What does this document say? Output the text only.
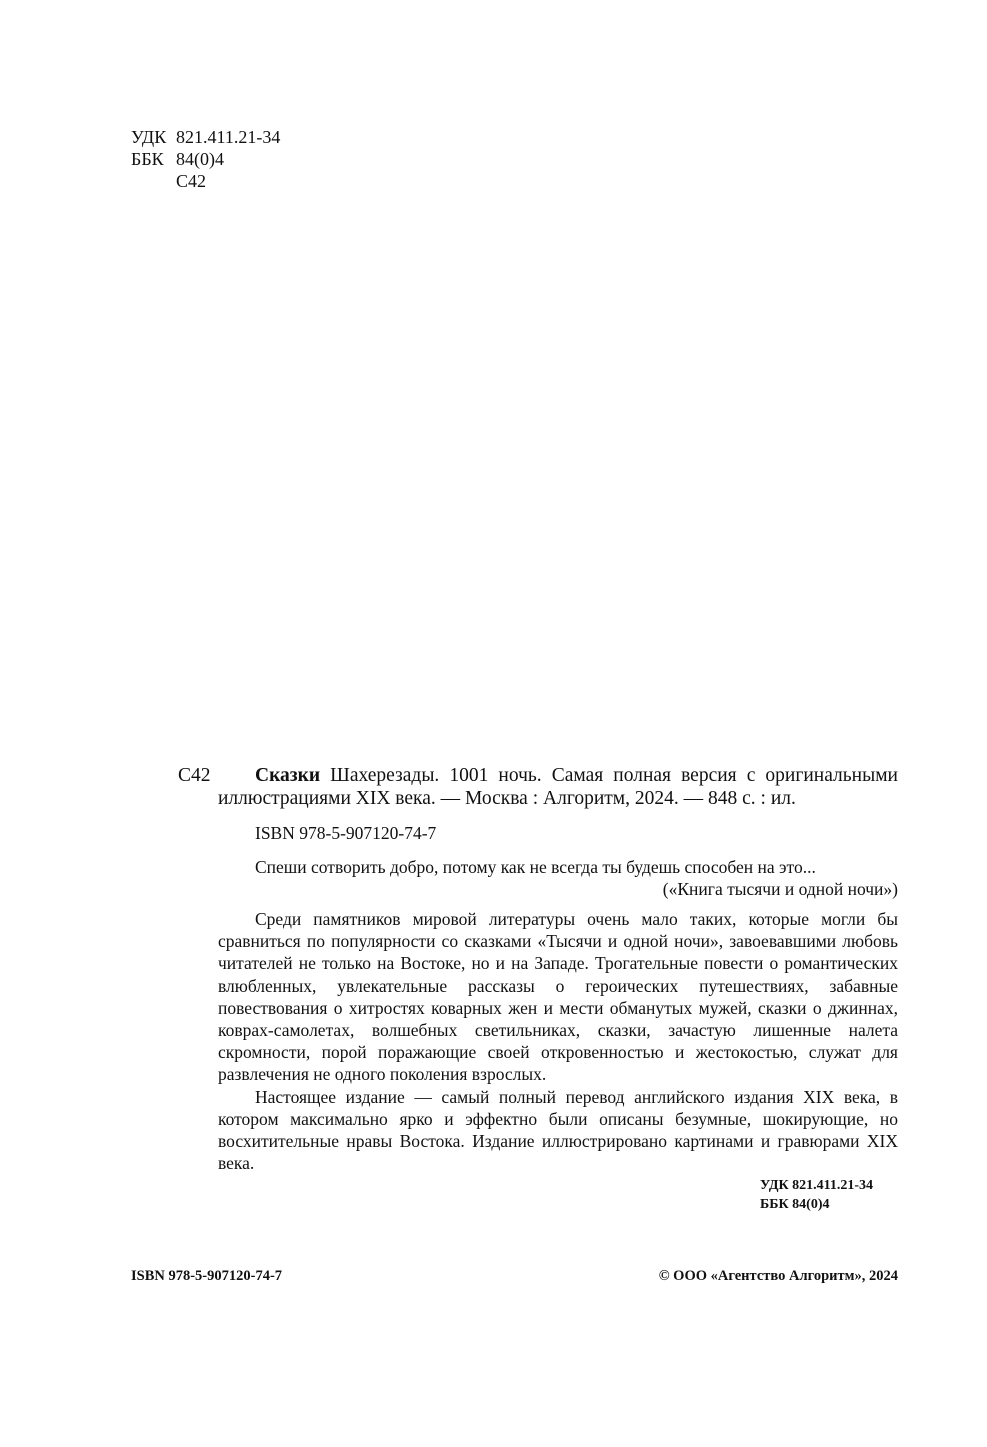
УДК 821.411.21-34
ББК 84(0)4
С42
С42	Сказки Шахерезады. 1001 ночь. Самая полная версия с оригинальными иллюстрациями XIX века. — Москва : Алгоритм, 2024. — 848 с. : ил.
ISBN 978-5-907120-74-7
Спеши сотворить добро, потому как не всегда ты будешь способен на это...
(«Книга тысячи и одной ночи»)

Среди памятников мировой литературы очень мало таких, которые могли бы сравниться по популярности со сказками «Тысячи и одной ночи», завоевавшими любовь читателей не только на Востоке, но и на Западе. Трогательные повести о романтических влюбленных, увлекательные рассказы о героических путешествиях, забавные повествования о хитростях коварных жен и мести обманутых мужей, сказки о джиннах, коврах-самолетах, волшебных светильниках, сказки, зачастую лишенные налета скромности, порой поражающие своей откровенностью и жестокостью, служат для развлечения не одного поколения взрослых.

Настоящее издание — самый полный перевод английского издания XIX века, в котором максимально ярко и эффектно были описаны безумные, шокирующие, но восхитительные нравы Востока. Издание иллюстрировано картинами и гравюрами XIX века.

УДК 821.411.21-34
ББК 84(0)4
ISBN 978-5-907120-74-7	© ООО «Агентство Алгоритм», 2024
